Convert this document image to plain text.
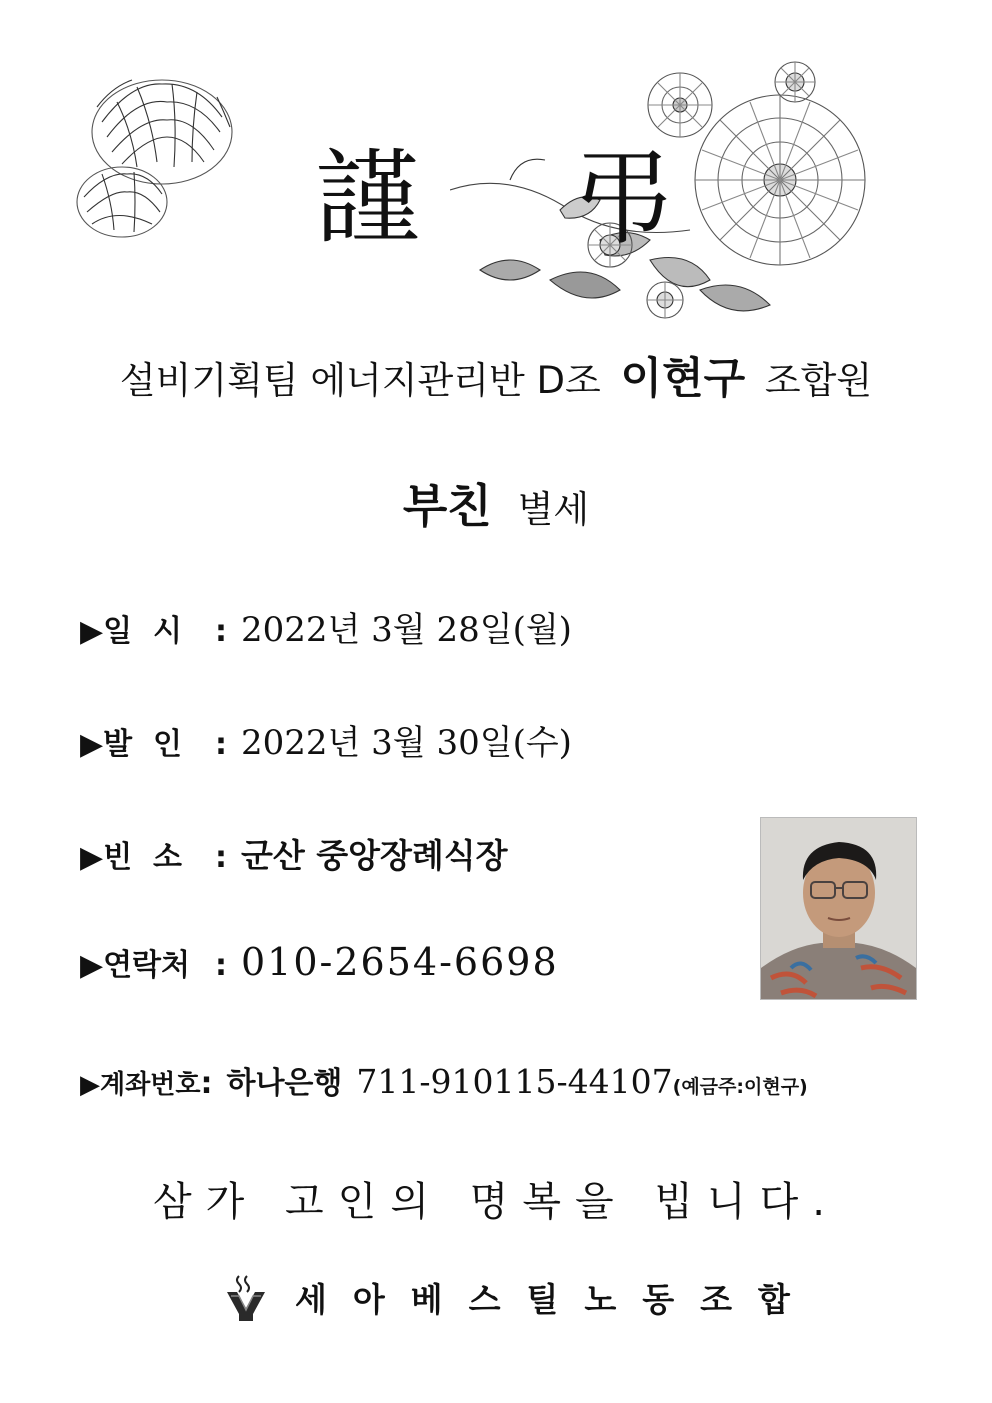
謹 弔
설비기획팀 에너지관리반 D조 이현구 조합원
부친 별세
▶일  시 : 2022년 3월 28일(월)
▶발  인 : 2022년 3월 30일(수)
▶빈  소 : 군산 중앙장례식장
▶연락처 : 010-2654-6698
▶계좌번호: 하나은행 711-910115-44107(예금주:이현구)
삼가 고인의 명복을 빕니다.
세아베스틸노동조합
